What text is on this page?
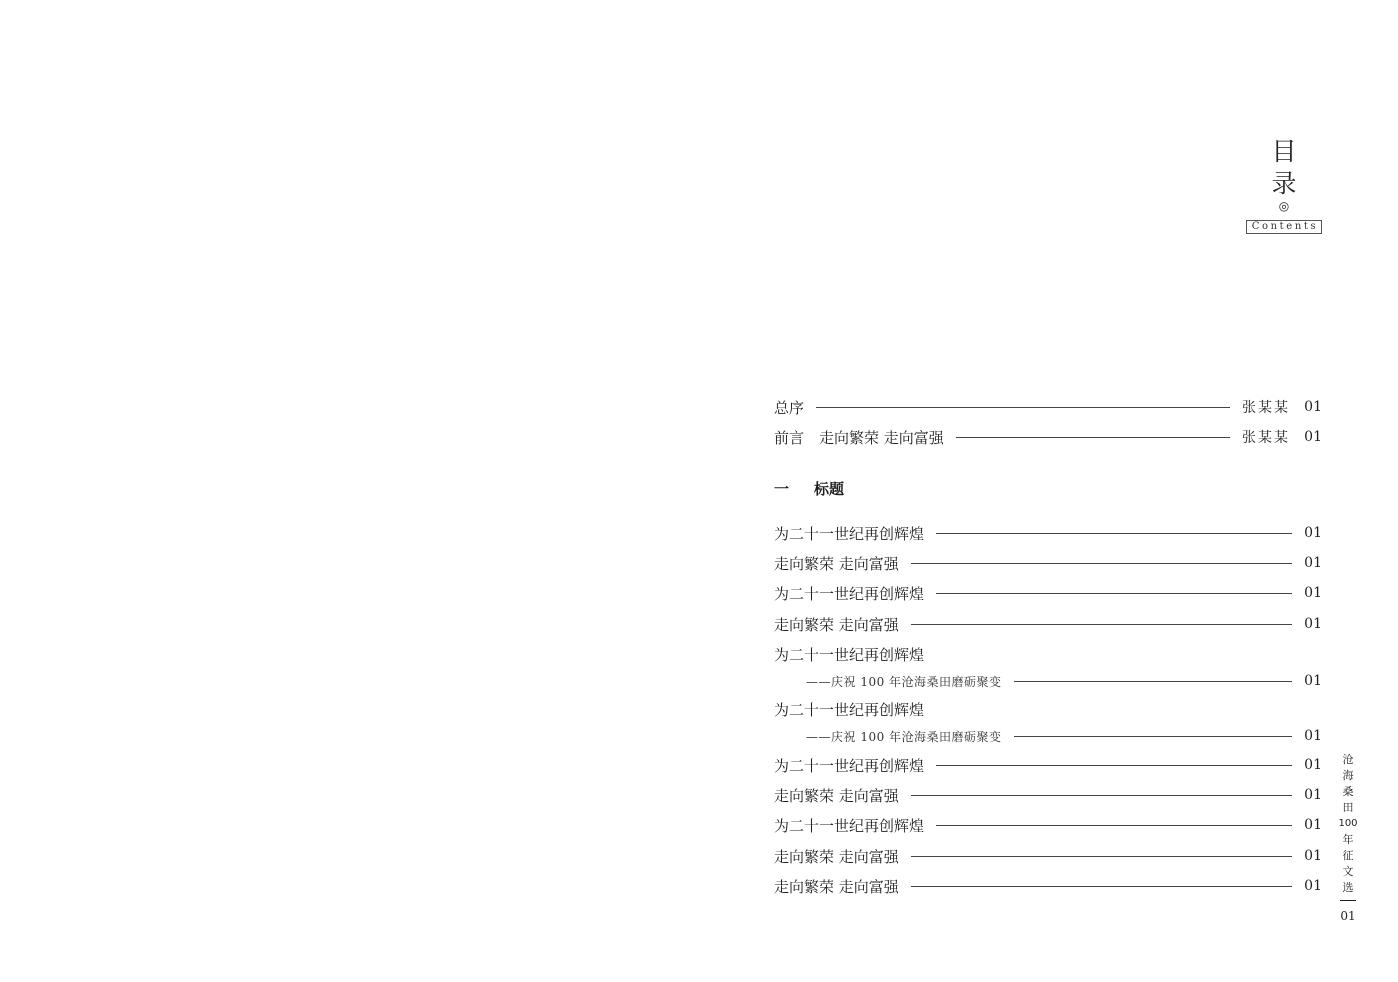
目 录
◎
Contents
总序	张某某 01
前言　走向繁荣 走向富强	张某某 01
一	标题
为二十一世纪再创辉煌	01
走向繁荣 走向富强	01
为二十一世纪再创辉煌	01
走向繁荣 走向富强	01
为二十一世纪再创辉煌
——庆祝 100 年沧海桑田磨砺聚变	01
为二十一世纪再创辉煌
——庆祝 100 年沧海桑田磨砺聚变	01
为二十一世纪再创辉煌	01
走向繁荣 走向富强	01
为二十一世纪再创辉煌	01
走向繁荣 走向富强	01
走向繁荣 走向富强	01
沧
海
桑
田
100
年
征
文
选
01
